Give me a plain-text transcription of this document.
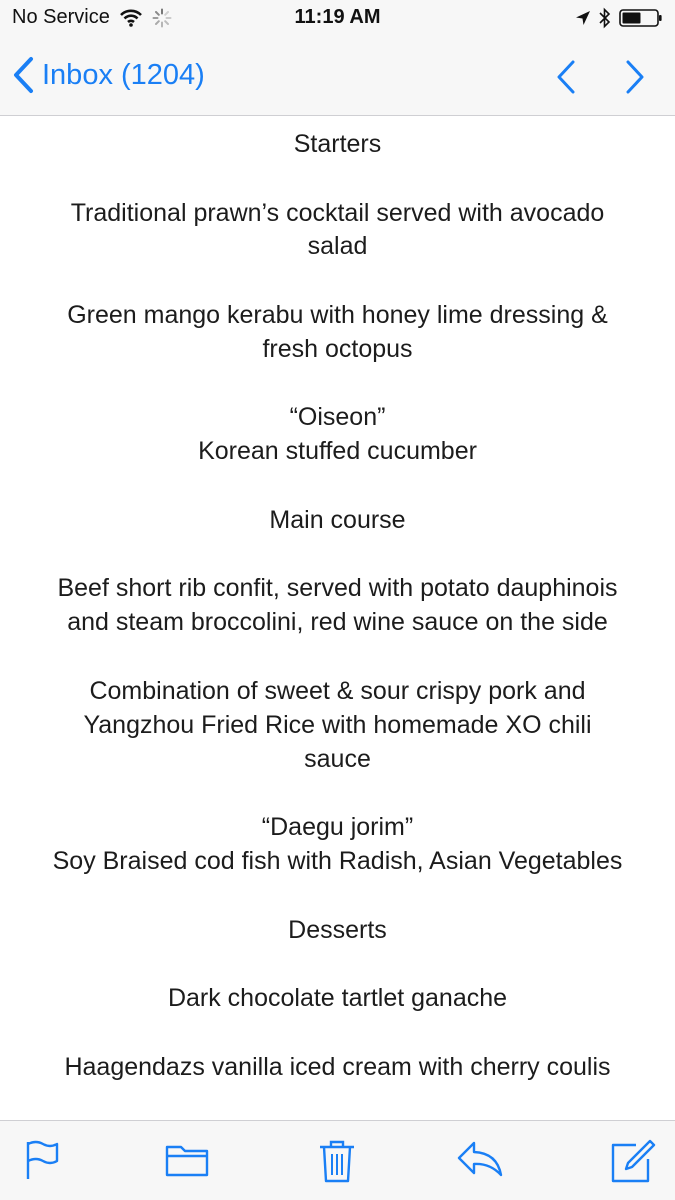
No Service	11:19 AM
Inbox (1204)
Starters
Traditional prawn’s cocktail served with avocado
salad
Green mango kerabu with honey lime dressing &
fresh octopus
“Oiseon”
Korean stuffed cucumber
Main course
Beef short rib confit, served with potato dauphinois
and steam broccolini, red wine sauce on the side
Combination of sweet & sour crispy pork and
Yangzhou Fried Rice with homemade XO chili
sauce
“Daegu jorim”
Soy Braised cod fish with Radish, Asian Vegetables
Desserts
Dark chocolate tartlet ganache
Haagendazs vanilla iced cream with cherry coulis
